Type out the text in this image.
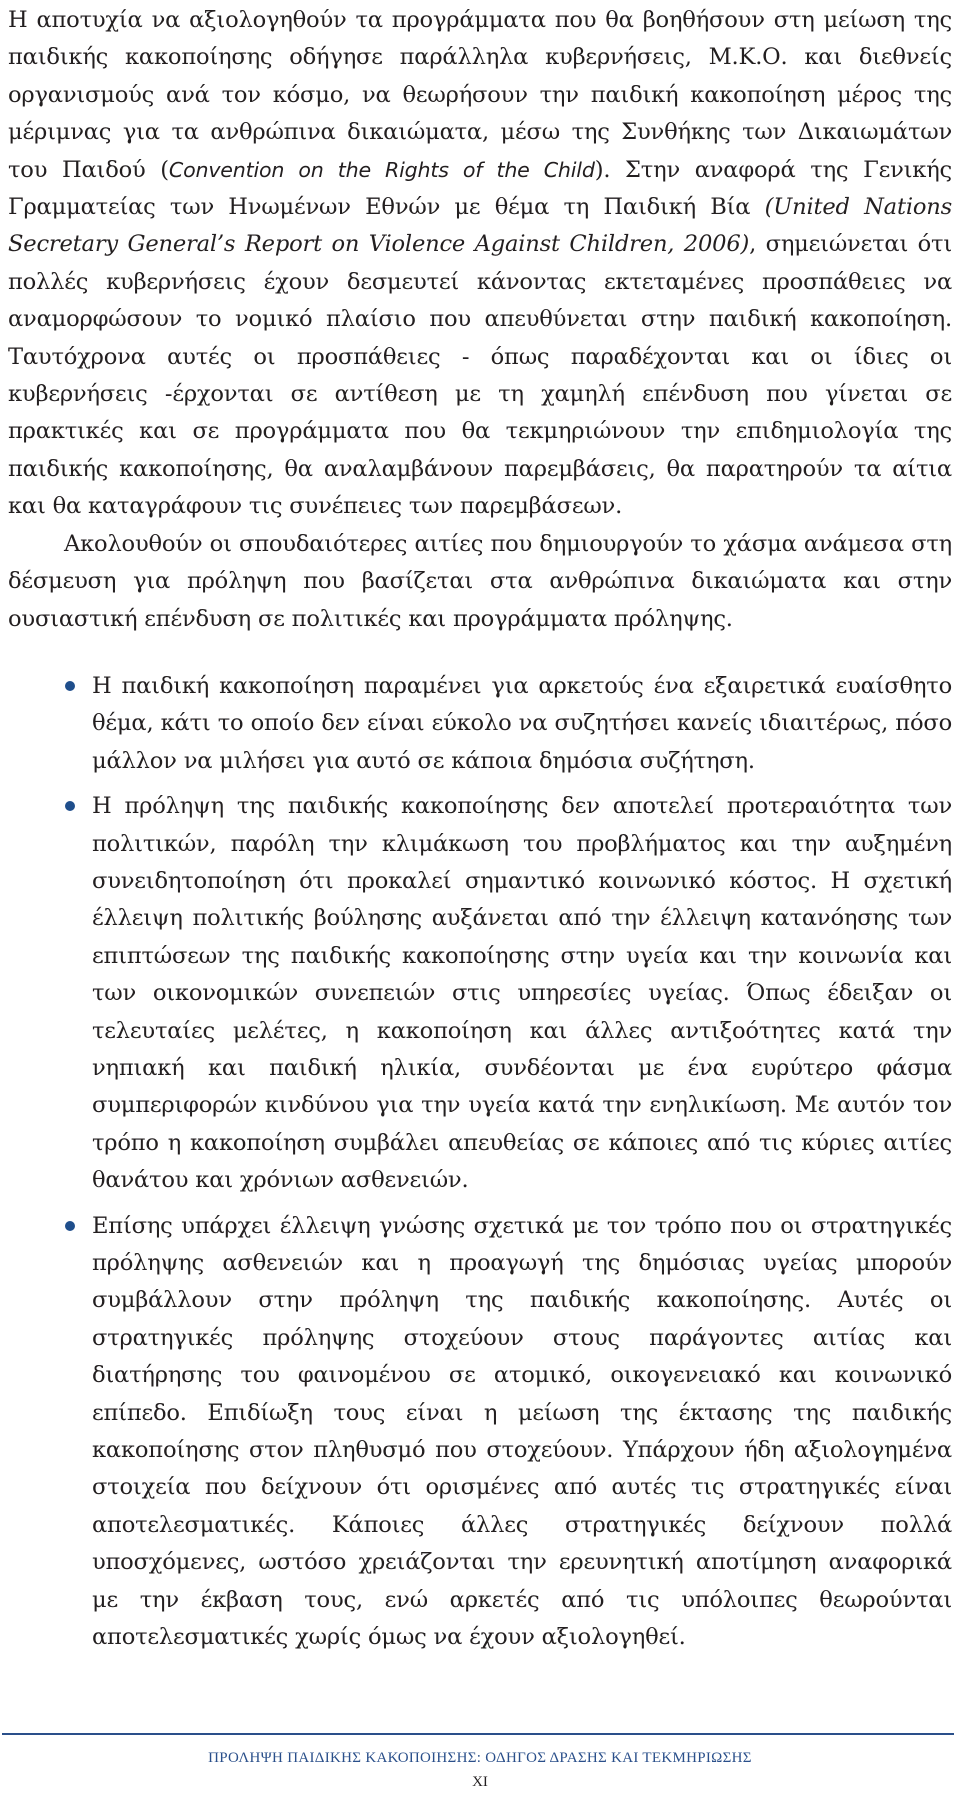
Η αποτυχία να αξιολογηθούν τα προγράμματα που θα βοηθήσουν στη μείωση της παιδικής κακοποίησης οδήγησε παράλληλα κυβερνήσεις, Μ.Κ.Ο. και διεθνείς οργανισμούς ανά τον κόσμο, να θεωρήσουν την παιδική κακοποίηση μέρος της μέριμνας για τα ανθρώπινα δικαιώματα, μέσω της Συνθήκης των Δικαιωμάτων του Παιδού (Convention on the Rights of the Child). Στην αναφορά της Γενικής Γραμματείας των Ηνωμένων Εθνών με θέμα τη Παιδική Βία (United Nations Secretary General’s Report on Violence Against Children, 2006), σημειώνεται ότι πολλές κυβερνήσεις έχουν δεσμευτεί κάνοντας εκτεταμένες προσπάθειες να αναμορφώσουν το νομικό πλαίσιο που απευθύνεται στην παιδική κακοποίηση. Ταυτόχρονα αυτές οι προσπάθειες - όπως παραδέχονται και οι ίδιες οι κυβερνήσεις -έρχονται σε αντίθεση με τη χαμηλή επένδυση που γίνεται σε πρακτικές και σε προγράμματα που θα τεκμηριώνουν την επιδημιολογία της παιδικής κακοποίησης, θα αναλαμβάνουν παρεμβάσεις, θα παρατηρούν τα αίτια και θα καταγράφουν τις συνέπειες των παρεμβάσεων.

Ακολουθούν οι σπουδαιότερες αιτίες που δημιουργούν το χάσμα ανάμεσα στη δέσμευση για πρόληψη που βασίζεται στα ανθρώπινα δικαιώματα και στην ουσιαστική επένδυση σε πολιτικές και προγράμματα πρόληψης.

Η παιδική κακοποίηση παραμένει για αρκετούς ένα εξαιρετικά ευαίσθητο θέμα, κάτι το οποίο δεν είναι εύκολο να συζητήσει κανείς ιδιαιτέρως, πόσο μάλλον να μιλήσει για αυτό σε κάποια δημόσια συζήτηση.
Η πρόληψη της παιδικής κακοποίησης δεν αποτελεί προτεραιότητα των πολιτικών, παρόλη την κλιμάκωση του προβλήματος και την αυξημένη συνειδητοποίηση ότι προκαλεί σημαντικό κοινωνικό κόστος. Η σχετική έλλειψη πολιτικής βούλησης αυξάνεται από την έλλειψη κατανόησης των επιπτώσεων της παιδικής κακοποίησης στην υγεία και την κοινωνία και των οικονομικών συνεπειών στις υπηρεσίες υγείας. Όπως έδειξαν οι τελευταίες μελέτες, η κακοποίηση και άλλες αντιξοότητες κατά την νηπιακή και παιδική ηλικία, συνδέονται με ένα ευρύτερο φάσμα συμπεριφορών κινδύνου για την υγεία κατά την ενηλικίωση. Με αυτόν τον τρόπο η κακοποίηση συμβάλει απευθείας σε κάποιες από τις κύριες αιτίες θανάτου και χρόνιων ασθενειών.
Επίσης υπάρχει έλλειψη γνώσης σχετικά με τον τρόπο που οι στρατηγικές πρόληψης ασθενειών και η προαγωγή της δημόσιας υγείας μπορούν συμβάλλουν στην πρόληψη της παιδικής κακοποίησης. Αυτές οι στρατηγικές πρόληψης στοχεύουν στους παράγοντες αιτίας και διατήρησης του φαινομένου σε ατομικό, οικογενειακό και κοινωνικό επίπεδο. Επιδίωξη τους είναι η μείωση της έκτασης της παιδικής κακοποίησης στον πληθυσμό που στοχεύουν. Υπάρχουν ήδη αξιολογημένα στοιχεία που δείχνουν ότι ορισμένες από αυτές τις στρατηγικές είναι αποτελεσματικές. Κάποιες άλλες στρατηγικές δείχνουν πολλά υποσχόμενες, ωστόσο χρειάζονται την ερευνητική αποτίμηση αναφορικά με την έκβαση τους, ενώ αρκετές από τις υπόλοιπες θεωρούνται αποτελεσματικές χωρίς όμως να έχουν αξιολογηθεί.
ΠΡΟΛΗΨΗ ΠΑΙΔΙΚΗΣ ΚΑΚΟΠΟΙΗΣΗΣ: ΟΔΗΓΟΣ ΔΡΑΣΗΣ ΚΑΙ ΤΕΚΜΗΡΙΩΣΗΣ
XI
